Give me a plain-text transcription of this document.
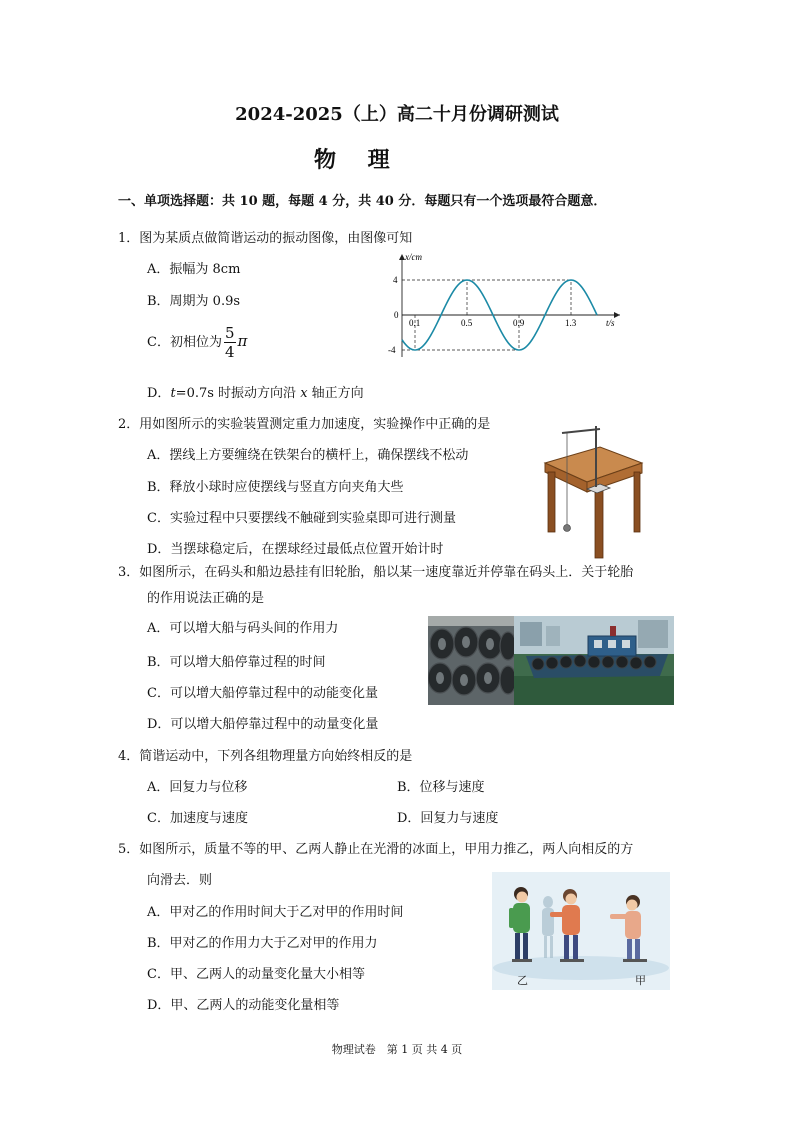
2024-2025（上）高二十月份调研测试
物 理
一、单项选择题：共 10 题，每题 4 分，共 40 分．每题只有一个选项最符合题意．
1．图为某质点做简谐运动的振动图像，由图像可知
A．振幅为 8cm
B．周期为 0.9s
C．初相位为 $\frac{5}{4}$ π
D．t=0.7s 时振动方向沿 x 轴正方向
0.1	0.5	0.9	1.3
4
-4
0
x/cm
t/s
2．用如图所示的实验装置测定重力加速度，实验操作中正确的是
A．摆线上方要缠绕在铁架台的横杆上，确保摆线不松动
B．释放小球时应使摆线与竖直方向夹角大些
C．实验过程中只要摆线不触碰到实验桌即可进行测量
D．当摆球稳定后，在摆球经过最低点位置开始计时
3．如图所示，在码头和船边悬挂有旧轮胎，船以某一速度靠近并停靠在码头上．关于轮胎
的作用说法正确的是
A．可以增大船与码头间的作用力
B．可以增大船停靠过程的时间
C．可以增大船停靠过程中的动能变化量
D．可以增大船停靠过程中的动量变化量
4．简谐运动中，下列各组物理量方向始终相反的是
A．回复力与位移	B．位移与速度
C．加速度与速度	D．回复力与速度
5．如图所示，质量不等的甲、乙两人静止在光滑的冰面上，甲用力推乙，两人向相反的方
向滑去．则
A．甲对乙的作用时间大于乙对甲的作用时间
B．甲对乙的作用力大于乙对甲的作用力
C．甲、乙两人的动量变化量大小相等
D．甲、乙两人的动能变化量相等
乙	甲
物理试卷　第 1 页 共 4 页
